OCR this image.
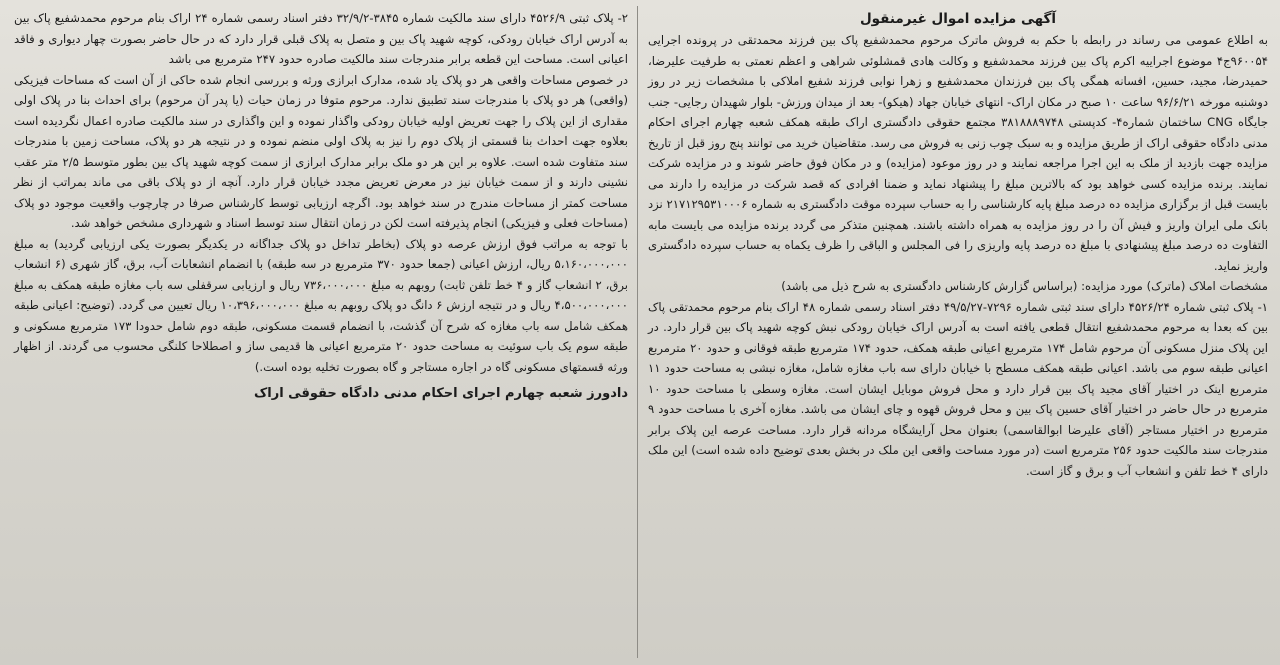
آگهی مزایده اموال غیرمنقول

به اطلاع عمومی می رساند در رابطه با حکم به فروش ماترک مرحوم محمدشفیع پاک بین فرزند محمدتقی در پرونده اجرایی ۹۶۰۰۵۴ج۴ موضوع اجراییه اکرم پاک بین فرزند محمدشفیع و وکالت هادی قمشلوئی شراهی و اعظم نعمتی به طرفیت علیرضا، حمیدرضا، مجید، حسین، افسانه همگی پاک بین فرزندان محمدشفیع و زهرا نوابی فرزند شفیع املاکی با مشخصات زیر در روز دوشنبه مورخه ۹۶/۶/۲۱ ساعت ۱۰ صبح در مکان اراک- انتهای خیابان جهاد (هیکو)- بعد از میدان ورزش- بلوار شهیدان رجایی- جنب جایگاه CNG ساختمان شماره۴- کدپستی ۳۸۱۸۸۸۹۷۴۸ مجتمع حقوقی دادگستری اراک طبقه همکف شعبه چهارم اجرای احکام مدنی دادگاه حقوقی اراک از طریق مزایده و به سبک چوب زنی به فروش می رسد. متقاضیان خرید می توانند پنج روز قبل از تاریخ مزایده جهت بازدید از ملک به این اجرا مراجعه نمایند و در روز موعود (مزایده) و در مکان فوق حاضر شوند و در مزایده شرکت نمایند. برنده مزایده کسی خواهد بود که بالاترین مبلغ را پیشنهاد نماید و ضمنا افرادی که قصد شرکت در مزایده را دارند می بایست قبل از برگزاری مزایده ده درصد مبلغ پایه کارشناسی را به حساب سپرده موقت دادگستری به شماره ۲۱۷۱۲۹۵۳۱۰۰۰۶ نزد بانک ملی ایران واریز و فیش آن را در روز مزایده به همراه داشته باشند. همچنین متذکر می گردد برنده مزایده می بایست مابه التفاوت ده درصد مبلغ پیشنهادی با مبلغ ده درصد پایه واریزی را فی المجلس و الباقی را ظرف یکماه به حساب سپرده دادگستری واریز نماید.

مشخصات املاک (ماترک) مورد مزایده: (براساس گزارش کارشناس دادگستری به شرح ذیل می باشد)

۱- پلاک ثبتی شماره ۴۵۲۶/۲۴ دارای سند ثبتی شماره ۷۲۹۶-۴۹/۵/۲۷ دفتر اسناد رسمی شماره ۴۸ اراک بنام مرحوم محمدتقی پاک بین که بعدا به مرحوم محمدشفیع انتقال قطعی یافته است به آدرس اراک خیابان رودکی نبش کوچه شهید پاک بین قرار دارد. در این پلاک منزل مسکونی آن مرحوم شامل ۱۷۴ مترمربع اعیانی طبقه همکف، حدود ۱۷۴ مترمربع طبقه فوقانی و حدود ۲۰ مترمربع اعیانی طبقه سوم می باشد. اعیانی طبقه همکف مسطح با خیابان دارای سه باب مغازه شامل، مغازه نبشی به مساحت حدود ۱۱ مترمربع اینک در اختیار آقای مجید پاک بین قرار دارد و محل فروش موبایل ایشان است. مغازه وسطی با مساحت حدود ۱۰ مترمربع در حال حاضر در اختیار آقای حسین پاک بین و محل فروش قهوه و چای ایشان می باشد. مغازه آخری با مساحت حدود ۹ مترمربع در اختیار مستاجر (آقای علیرضا ابوالقاسمی) بعنوان محل آرایشگاه مردانه قرار دارد. مساحت عرصه این پلاک برابر مندرجات سند مالکیت حدود ۲۵۶ مترمربع است (در مورد مساحت واقعی این ملک در بخش بعدی توضیح داده شده است) این ملک دارای ۴ خط تلفن و انشعاب آب و برق و گاز است.

۲- پلاک ثبتی ۴۵۲۶/۹ دارای سند مالکیت شماره ۳۸۴۵-۳۲/۹/۲ دفتر اسناد رسمی شماره ۲۴ اراک بنام مرحوم محمدشفیع پاک بین به آدرس اراک خیابان رودکی، کوچه شهید پاک بین و متصل به پلاک قبلی قرار دارد که در حال حاضر بصورت چهار دیواری و فاقد اعیانی است. مساحت این قطعه برابر مندرجات سند مالکیت صادره حدود ۲۴۷ مترمربع می باشد

در خصوص مساحات واقعی هر دو پلاک یاد شده، مدارک ابرازی ورثه و بررسی انجام شده حاکی از آن است که مساحات فیزیکی (واقعی) هر دو پلاک با مندرجات سند تطبیق ندارد. مرحوم متوفا در زمان حیات (یا پدر آن مرحوم) برای احداث بنا در پلاک اولی مقداری از این پلاک را جهت تعریض اولیه خیابان رودکی واگذار نموده و این واگذاری در سند مالکیت صادره اعمال نگردیده است بعلاوه جهت احداث بنا قسمتی از پلاک دوم را نیز به پلاک اولی منضم نموده و در نتیجه هر دو پلاک، مساحت زمین با مندرجات سند متفاوت شده است. علاوه بر این هر دو ملک برابر مدارک ابرازی از سمت کوچه شهید پاک بین بطور متوسط ۲/۵ متر عقب نشینی دارند و از سمت خیابان نیز در معرض تعریض مجدد خیابان قرار دارد. آنچه از دو پلاک باقی می ماند بمراتب از نظر مساحت کمتر از مساحات مندرج در سند خواهد بود. اگرچه ارزیابی توسط کارشناس صرفا در چارچوب واقعیت موجود دو پلاک (مساحات فعلی و فیزیکی) انجام پذیرفته است لکن در زمان انتقال سند توسط اسناد و شهرداری مشخص خواهد شد.

با توجه به مراتب فوق ارزش عرصه دو پلاک (بخاطر تداخل دو پلاک جداگانه در یکدیگر بصورت یکی ارزیابی گردید) به مبلغ ۵،۱۶۰،۰۰۰،۰۰۰ ریال، ارزش اعیانی (جمعا حدود ۳۷۰ مترمربع در سه طبقه) با انضمام انشعابات آب، برق، گاز شهری (۶ انشعاب برق، ۲ انشعاب گاز و ۴ خط تلفن ثابت) روبهم به مبلغ ۷۳۶،۰۰۰،۰۰۰ ریال و ارزیابی سرقفلی سه باب مغازه طبقه همکف به مبلغ ۴،۵۰۰،۰۰۰،۰۰۰ ریال و در نتیجه ارزش ۶ دانگ دو پلاک روبهم به مبلغ ۱۰،۳۹۶،۰۰۰،۰۰۰ ریال تعیین می گردد. (توضیح: اعیانی طبقه همکف شامل سه باب مغازه که شرح آن گذشت، با انضمام قسمت مسکونی، طبقه دوم شامل حدودا ۱۷۳ مترمربع مسکونی و طبقه سوم یک باب سوئیت به مساحت حدود ۲۰ مترمربع اعیانی ها قدیمی ساز و اصطلاحا کلنگی محسوب می گردند. از اظهار ورثه قسمتهای مسکونی گاه در اجاره مستاجر و گاه بصورت تخلیه بوده است.)

دادورز شعبه چهارم اجرای احکام مدنی دادگاه حقوقی اراک
